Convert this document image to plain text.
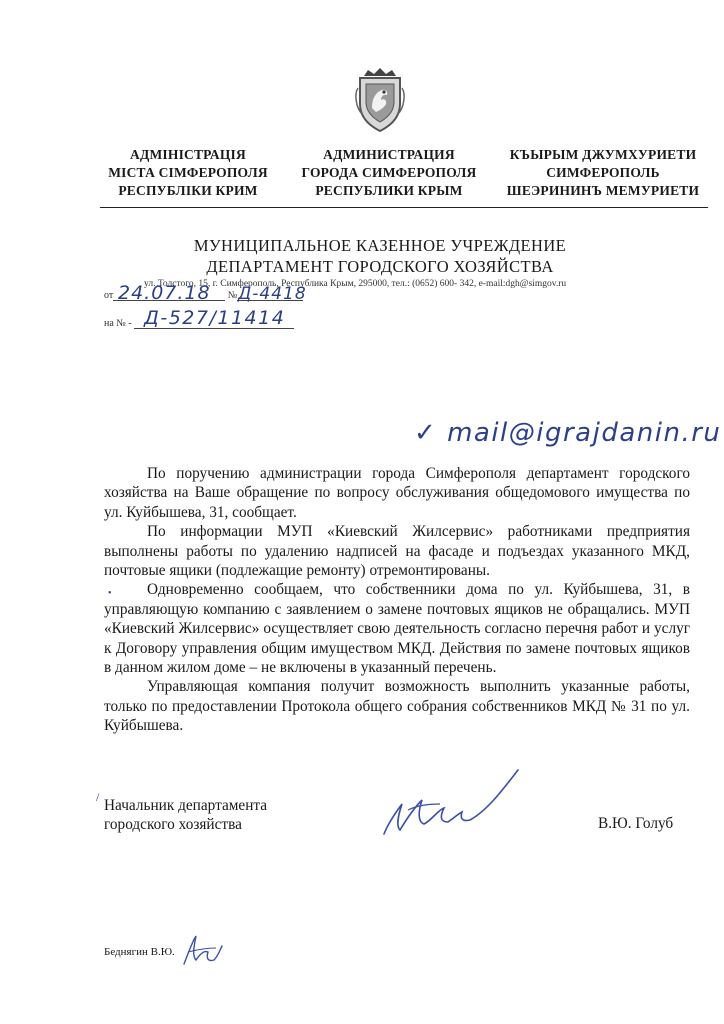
АДМІНІСТРАЦІЯ
МІСТА СІМФЕРОПОЛЯ
РЕСПУБЛІКИ КРИМ
АДМИНИСТРАЦИЯ
ГОРОДА СИМФЕРОПОЛЯ
РЕСПУБЛИКИ КРЫМ
КЪЫРЫМ ДЖУМХУРИЕТИ
СИМФЕРОПОЛЬ
ШЕЭРИНИНЪ МЕМУРИЕТИ
МУНИЦИПАЛЬНОЕ КАЗЕННОЕ УЧРЕЖДЕНИЕ
ДЕПАРТАМЕНТ ГОРОДСКОГО ХОЗЯЙСТВА
ул. Толстого, 15, г. Симферополь, Республика Крым, 295000, тел.: (0652) 600- 342, e-mail:dgh@simgov.ru
от	№
24.07.18 Д-4418
на № - Д-527/11414
✓ mail@igrajdanin.ru
•

По поручению администрации города Симферополя департамент городского хозяйства на Ваше обращение по вопросу обслуживания общедомового имущества по ул. Куйбышева, 31, сообщает.

По информации МУП «Киевский Жилсервис» работниками предприятия выполнены работы по удалению надписей на фасаде и подъездах указанного МКД, почтовые ящики (подлежащие ремонту) отремонтированы.

Одновременно сообщаем, что собственники дома по ул. Куйбышева, 31, в управляющую компанию с заявлением о замене почтовых ящиков не обращались. МУП «Киевский Жилсервис» осуществляет свою деятельность согласно перечня работ и услуг к Договору управления общим имуществом МКД. Действия по замене почтовых ящиков в данном жилом доме – не включены в указанный перечень.

Управляющая компания получит возможность выполнить указанные работы, только по предоставлении Протокола общего собрания собственников МКД № 31 по ул. Куйбышева.

/ Начальник департамента
городского хозяйства	В.Ю. Голуб
Беднягин В.Ю.
